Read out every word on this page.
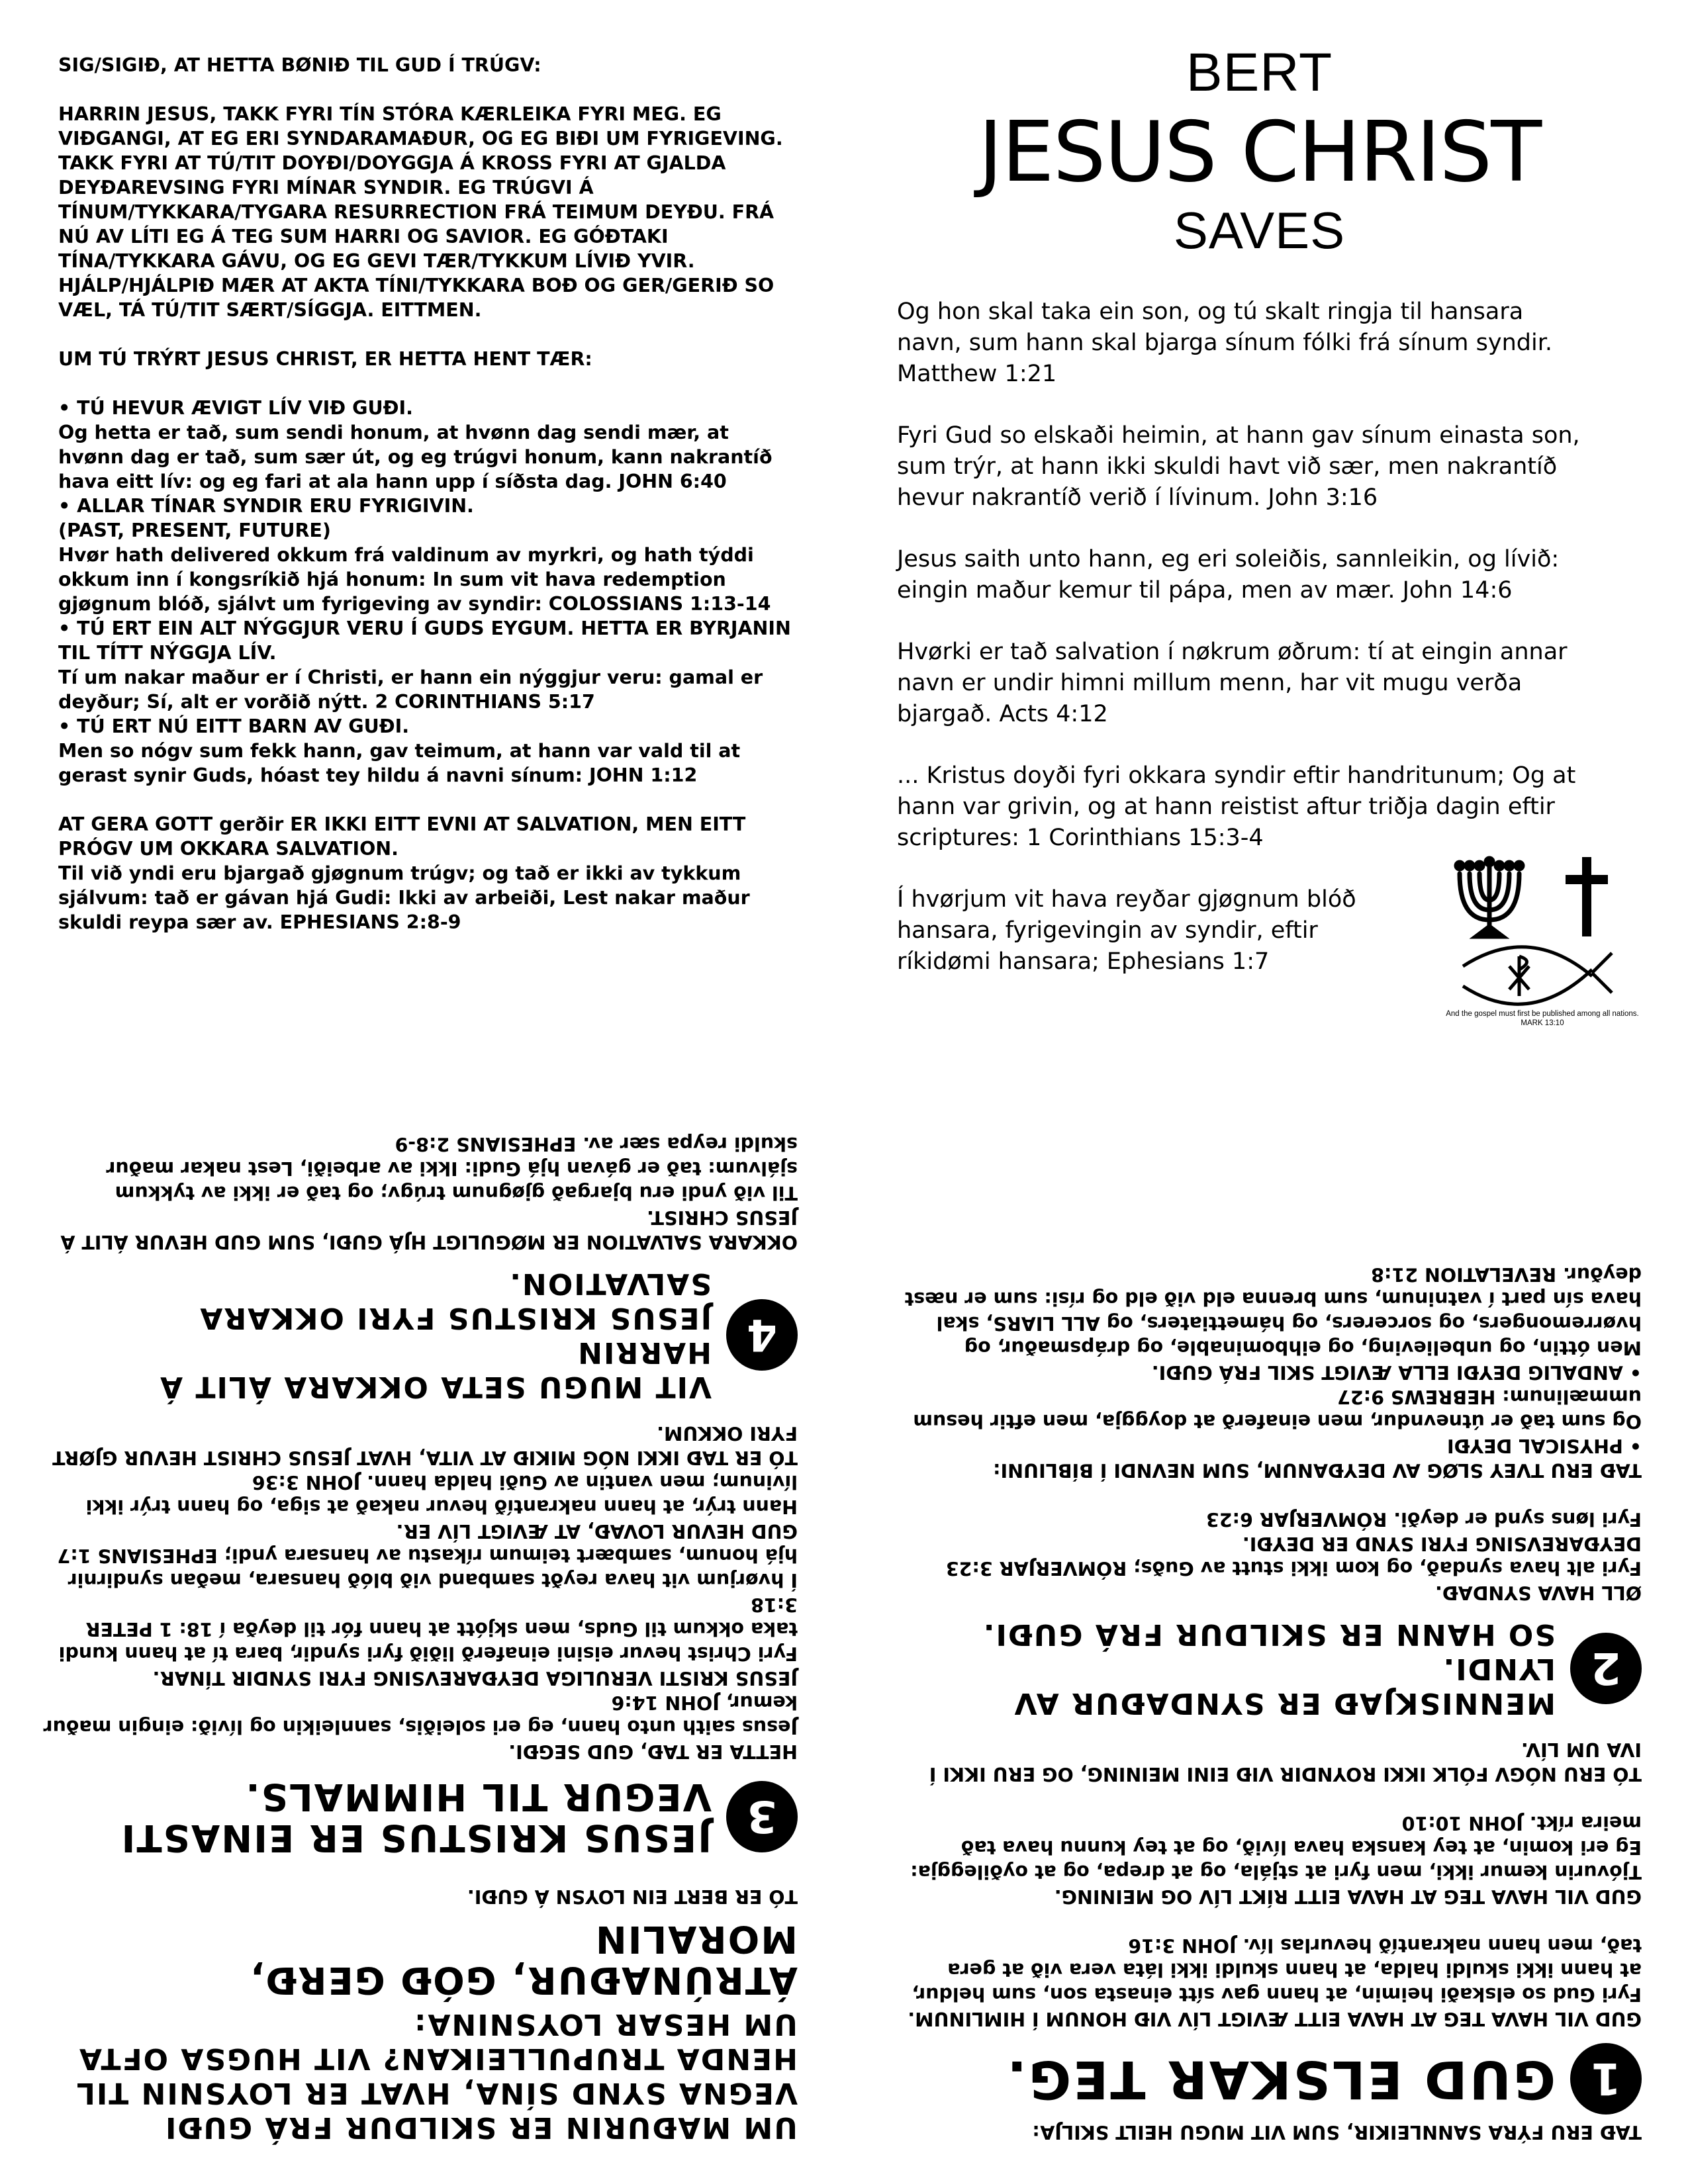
SIG/SIGIÐ, AT HETTA BØNIÐ TIL GUD Í TRÚGV:

HARRIN JESUS, TAKK FYRI TÍN STÓRA KÆRLEIKA FYRI MEG. EG VIÐGANGI, AT EG ERI SYNDARAMAÐUR, OG EG BIÐI UM FYRIGEVING. TAKK FYRI AT TÚ/TIT DOYÐI/DOYGGJA Á KROSS FYRI AT GJALDA DEYÐAREVSING FYRI MÍNAR SYNDIR. EG TRÚGVI Á TÍNUM/TYKKARA/TYGARA RESURRECTION FRÁ TEIMUM DEYÐU. FRÁ NÚ AV LÍTI EG Á TEG SUM HARRI OG SAVIOR. EG GÓÐTAKI TÍNA/TYKKARA GÁVU, OG EG GEVI TÆR/TYKKUM LÍVIÐ YVIR. HJÁLP/HJÁLPIÐ MÆR AT AKTA TÍNI/TYKKARA BOÐ OG GER/GERIÐ SO VÆL, TÁ TÚ/TIT SÆRT/SÍGGJA. EITTMEN.

UM TÚ TRÝRT JESUS CHRIST, ER HETTA HENT TÆR:

• TÚ HEVUR ÆVIGT LÍV VIÐ GUÐI.

Og hetta er tað, sum sendi honum, at hvønn dag sendi mær, at hvønn dag er tað, sum sær út, og eg trúgvi honum, kann nakrantíð hava eitt lív: og eg fari at ala hann upp í síðsta dag. JOHN 6:40

• ALLAR TÍNAR SYNDIR ERU FYRIGIVIN.

(PAST, PRESENT, FUTURE)
Hvør hath delivered okkum frá valdinum av myrkri, og hath týddi okkum inn í kongsríkið hjá honum: In sum vit hava redemption gjøgnum blóð, sjálvt um fyrigeving av syndir: COLOSSIANS 1:13-14

• TÚ ERT EIN ALT NÝGGJUR VERU Í GUDS EYGUM. HETTA ER BYRJANIN TIL TÍTT NÝGGJA LÍV.

Tí um nakar maður er í Christi, er hann ein nýggjur veru: gamal er deyður; Sí, alt er vorðið nýtt. 2 CORINTHIANS 5:17

• TÚ ERT NÚ EITT BARN AV GUÐI.

Men so nógv sum fekk hann, gav teimum, at hann var vald til at gerast synir Guds, hóast tey hildu á navni sínum: JOHN 1:12

AT GERA GOTT gerðir ER IKKI EITT EVNI AT SALVATION, MEN EITT PRÓGV UM OKKARA SALVATION.

Til við yndi eru bjargað gjøgnum trúgv; og tað er ikki av tykkum sjálvum: tað er gávan hjá Gudi: Ikki av arbeiði, Lest nakar maður skuldi reypa sær av. EPHESIANS 2:8-9

BERT

JESUS CHRIST

SAVES

Og hon skal taka ein son, og tú skalt ringja til hansara navn, sum hann skal bjarga sínum fólki frá sínum syndir. Matthew 1:21

Fyri Gud so elskaði heimin, at hann gav sínum einasta son, sum trýr, at hann ikki skuldi havt við sær, men nakrantíð hevur nakrantíð verið í lívinum. John 3:16

Jesus saith unto hann, eg eri soleiðis, sannleikin, og lívið: eingin maður kemur til pápa, men av mær. John 14:6

Hvørki er tað salvation í nøkrum øðrum: tí at eingin annar navn er undir himni millum menn, har vit mugu verða bjargað. Acts 4:12

... Kristus doyði fyri okkara syndir eftir handritunum; Og at hann var grivin, og at hann reistist aftur triðja dagin eftir scriptures: 1 Corinthians 15:3-4

Í hvørjum vit hava reyðar gjøgnum blóð hansara, fyrigevingin av syndir, eftir ríkidømi hansara; Ephesians 1:7

And the gospel must first be published among all nations. MARK 13:10

UM MAÐURIN ER SKILDUR FRÁ GUÐI VEGNA SYND SÍNA, HVAT ER LOYSNIN TIL HENDA TRUPULLEIKAN? VIT HUGSA OFTA UM HESAR LOYSNINA:

ÁTRÚNAÐUR, GÓÐ GERÐ, MORALIN

TÓ ER BERT EIN LOYSN Á GUÐI.

3

JESUS KRISTUS ER EINASTI

VEGUR TIL HIMMALS.

HETTA ER TAÐ, GUD SEGÐI.

Jesus saith unto hann, eg eri soleiðis, sannleikin og lívið: eingin maður kemur, JOHN 14:6

JESUS KRISTI VERULIGA DEYÐAREVSING FYRI SYNDIR TÍNAR.

Fyri Christ hevur eisini einaferð liðið fyri syndir, bara tí at hann kundi taka okkum til Guds, men skjótt at hann fór til deyða í 18: 1 PETER 3:18

Í hvørjum vit hava reyðt samband við blóð hansara, meðan syndirnir hjá honum, sambært teimum ríkastu av hansara yndi; EPHESIANS 1:7

GUD HEVUR LOVAÐ, AT ÆVIGT LÍV ER.

Hann trýr, at hann nakrantíð hevur nakað at siga, og hann trýr ikki lívinum; men vantin av Guði halda hann. JOHN 3:36

TÓ ER TAÐ IKKI NÓG MIKIÐ AT VITA, HVAT JESUS CHRIST HEVUR GJØRT FYRI OKKUM.

4

VIT MUGU SETA OKKARA ÁLIT Á HARRIN

JESUS KRISTUS FYRI OKKARA SALVATION.

OKKARA SALVATION ER MØGULIGT HJÁ GUÐI, SUM GUD HEVUR ÁLIT Á JESUS CHRIST.

Til við yndi eru bjargað gjøgnum trúgv; og tað er ikki av tykkum sjálvum: tað er gávan hjá Gudi: Ikki av arbeiði, Lest nakar maður skuldi reypa sær av. EPHESIANS 2:8-9

TAÐ ERU FÝRA SANNLEIKIR, SUM VIT MUGU HEILT SKILJA:

1

GUD ELSKAR TEG.

GUD VIL HAVA TEG AT HAVA EITT ÆVIGT LÍV VIÐ HONUM Í HIMLINUM.

Fyri Gud so elskaði heimin, at hann gav sítt einasta son, sum heldur, at hann ikki skuldi halda, at hann skuldi ikki láta vera við at gera tað, men hann nakrantíð hevurlas lív. JOHN 3:16

GUD VIL HAVA TEG AT HAVA EITT RÍKT LÍV OG MEINING.

Tjóvurin kemur ikki, men fyri at stjála, og at drepa, og at oyðileggja: Eg eri komin, at tey kanska hava lívið, og at tey kunnu hava tað meira ríkt. JOHN 10:10

TÓ ERU NÓGV FÓLK IKKI ROYNDIR VIÐ EINI MEINING, OG ERU IKKI Í IVA UM LÍV.

2

MENNISKJAÐ ER SYNDAÐUR AV LYNDI.

SO HANN ER SKILDUR FRÁ GUÐI.

ØLL HAVA SYNDAÐ.

Fyri alt hava syndað, og kom ikki stutt av Guðs; RÓMVERJAR 3:23

DEYÐAREVSING FYRI SYND ER DEYÐI.

Fyri løns synd er deyði. RÓMVERJAR 6:23

TAÐ ERU TVEY SLØG AV DEYÐANUM, SUM NEVNDI Í BÍBLIUNI:

• PHYSICAL DEYÐI

Og sum tað er útnevndur, men einaferð at doyggja, men eftir hesum ummælinum: HEBREWS 9:27

• ANDALIG DEYÐI ELLA ÆVIGT SKIL FRÁ GUÐI.

Men óttin, og unbelieving, og eihbominable, og drápsmaður, og hvørremongers, og sorcerers, og hámettiaters, og ALL LIARS, skal hava sín part í vatninum, sum brenna eld við eld og rísi: sum er næst deyður. REVELATION 21:8
